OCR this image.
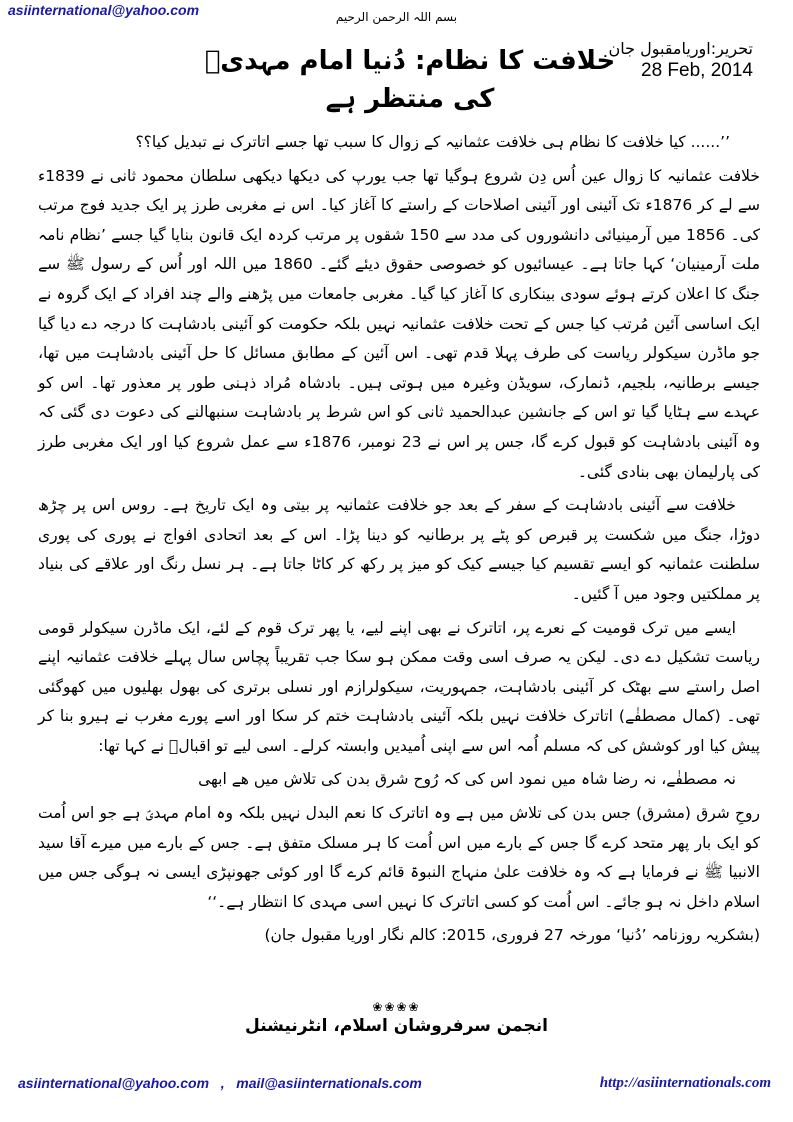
asiinternational@yahoo.com	بسم اللہ الرحمن الرحیم
تحریر:اوریامقبول جان
28 Feb, 2014
خلافت کا نظام: دُنیا امام مہدیؑ کی منتظر ہے

’’...... کیا خلافت کا نظام ہی خلافت عثمانیہ کے زوال کا سبب تھا جسے اتاترک نے تبدیل کیا؟؟

خلافت عثمانیہ کا زوال عین اُس دِن شروع ہوگیا تھا جب یورپ کی دیکھا دیکھی سلطان محمود ثانی نے 1839ء سے لے کر 1876ء تک آئینی اور آئینی اصلاحات کے راستے کا آغاز کیا۔ اس نے مغربی طرز پر ایک جدید فوج مرتب کی۔ 1856 میں آرمینیائی دانشوروں کی مدد سے 150 شقوں پر مرتب کردہ ایک قانون بنایا گیا جسے ’نظام نامہ ملت آرمینیان‘ کہا جاتا ہے۔ عیسائیوں کو خصوصی حقوق دیئے گئے۔ 1860 میں اللہ اور اُس کے رسول ﷺ سے جنگ کا اعلان کرتے ہوئے سودی بینکاری کا آغاز کیا گیا۔ مغربی جامعات میں پڑھنے والے چند افراد کے ایک گروہ نے ایک اساسی آئین مُرتب کیا جس کے تحت خلافت عثمانیہ نہیں بلکہ حکومت کو آئینی بادشاہت کا درجہ دے دیا گیا جو ماڈرن سیکولر ریاست کی طرف پہلا قدم تھی۔ اس آئین کے مطابق مسائل کا حل آئینی بادشاہت میں تھا، جیسے برطانیہ، بلجیم، ڈنمارک، سویڈن وغیرہ میں ہوتی ہیں۔ بادشاہ مُراد ذہنی طور پر معذور تھا۔ اس کو عہدے سے ہٹایا گیا تو اس کے جانشین عبدالحمید ثانی کو اس شرط پر بادشاہت سنبھالنے کی دعوت دی گئی کہ وہ آئینی بادشاہت کو قبول کرے گا، جس پر اس نے 23 نومبر، 1876ء سے عمل شروع کیا اور ایک مغربی طرز کی پارلیمان بھی بنادی گئی۔

خلافت سے آئینی بادشاہت کے سفر کے بعد جو خلافت عثمانیہ پر بیتی وہ ایک تاریخ ہے۔ روس اس پر چڑھ دوڑا، جنگ میں شکست پر قبرص کو پٹے پر برطانیہ کو دینا پڑا۔ اس کے بعد اتحادی افواج نے پوری کی پوری سلطنت عثمانیہ کو ایسے تقسیم کیا جیسے کیک کو میز پر رکھ کر کاٹا جاتا ہے۔ ہر نسل رنگ اور علاقے کی بنیاد پر مملکتیں وجود میں آ گئیں۔

ایسے میں ترک قومیت کے نعرے پر، اتاترک نے بھی اپنے لیے، یا پھر ترک قوم کے لئے، ایک ماڈرن سیکولر قومی ریاست تشکیل دے دی۔ لیکن یہ صرف اسی وقت ممکن ہو سکا جب تقریباً پچاس سال پہلے خلافت عثمانیہ اپنے اصل راستے سے بھٹک کر آئینی بادشاہت، جمہوریت، سیکولرازم اور نسلی برتری کی بھول بھلیوں میں کھوگئی تھی۔ (کمال مصطفٰے) اتاترک خلافت نہیں بلکہ آئینی بادشاہت ختم کر سکا اور اسے پورے مغرب نے ہیرو بنا کر پیش کیا اور کوشش کی کہ مسلم اُمہ اس سے اپنی اُمیدیں وابستہ کرلے۔ اسی لیے تو اقبالؒ نے کہا تھا:

نہ مصطفٰے، نہ رضا شاہ میں نمود اس کی کہ رُوح شرق بدن کی تلاش میں ھے ابھی

روحِ شرق (مشرق) جس بدن کی تلاش میں ہے وہ اتاترک کا نعم البدل نہیں بلکہ وہ امام مہدیؑ ہے جو اس اُمت کو ایک بار پھر متحد کرے گا جس کے بارے میں اس اُمت کا ہر مسلک متفق ہے۔ جس کے بارے میں میرے آقا سید الانبیا ﷺ نے فرمایا ہے کہ وہ خلافت علیٰ منہاج النبوۃ قائم کرے گا اور کوئی جھونپڑی ایسی نہ ہوگی جس میں اسلام داخل نہ ہو جائے۔ اس اُمت کو کسی اتاترک کا نہیں اسی مہدی کا انتظار ہے۔‘‘

(بشکریہ روزنامہ ’دُنیا‘ مورخہ 27 فروری، 2015: کالم نگار اوریا مقبول جان)

❀❀❀❀
انجمن سرفروشان اسلام، انٹرنیشنل
asiinternational@yahoo.com   ,   mail@asiinternationals.com	http://asiinternationals.com
